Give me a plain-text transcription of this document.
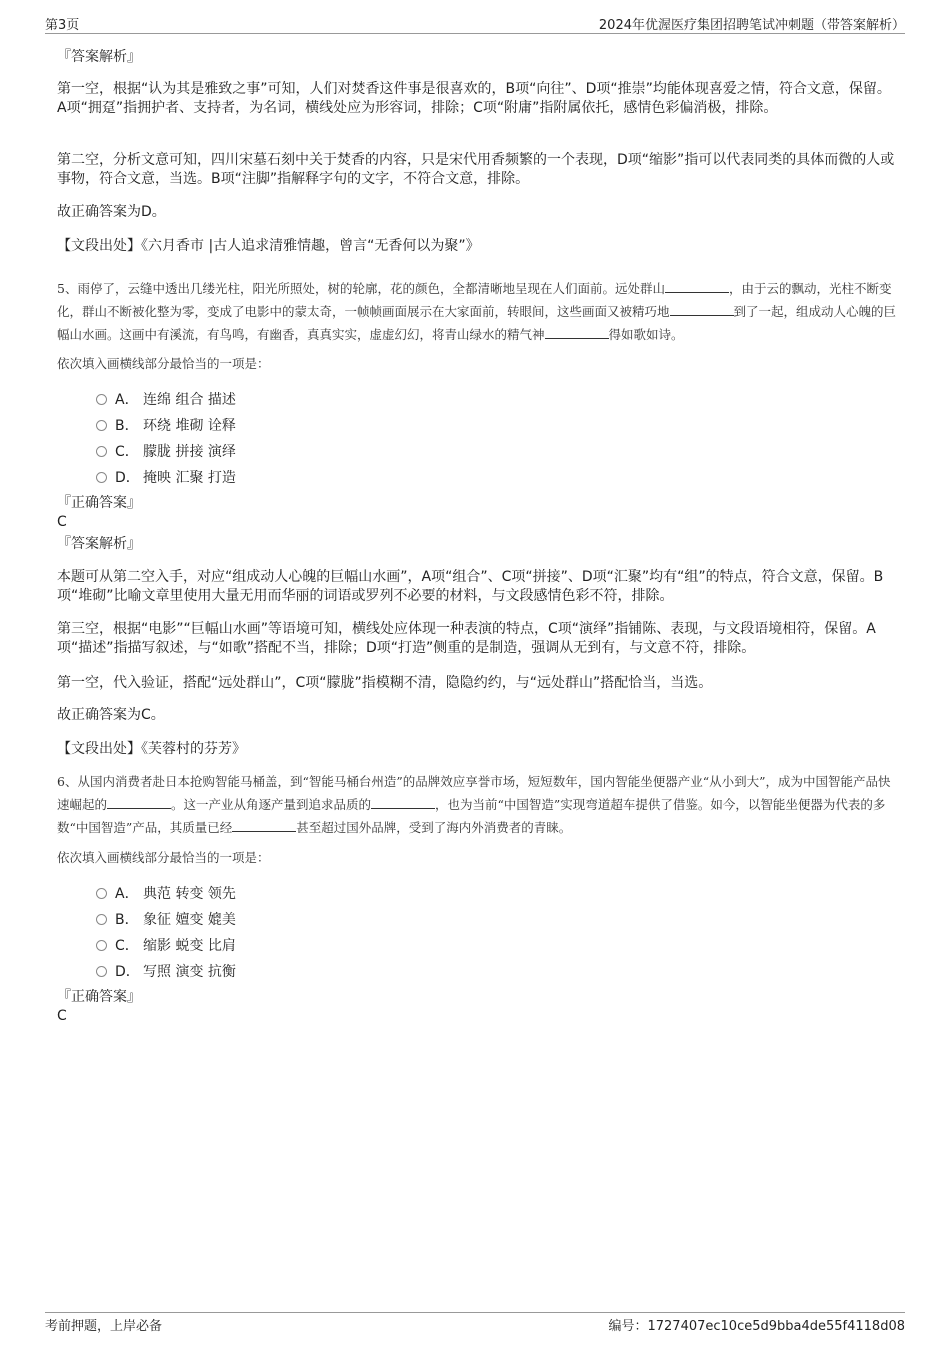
第3页	2024年优渥医疗集团招聘笔试冲刺题（带答案解析）
『答案解析』
第一空，根据“认为其是雅致之事”可知，人们对焚香这件事是很喜欢的，B项“向往”、D项“推崇”均能体现喜爱之情，符合文意，保留。A项“拥趸”指拥护者、支持者，为名词，横线处应为形容词，排除；C项“附庸”指附属依托，感情色彩偏消极，排除。
第二空，分析文意可知，四川宋墓石刻中关于焚香的内容，只是宋代用香频繁的一个表现，D项“缩影”指可以代表同类的具体而微的人或事物，符合文意，当选。B项“注脚”指解释字句的文字，不符合文意，排除。
故正确答案为D。
【文段出处】《六月香市 |古人追求清雅情趣，曾言“无香何以为聚”》
5、雨停了，云缝中透出几缕光柱，阳光所照处，树的轮廓，花的颜色，全都清晰地呈现在人们面前。远处群山	，由于云的飘动，光柱不断变化，群山不断被化整为零，变成了电影中的蒙太奇，一帧帧画面展示在大家面前，转眼间，这些画面又被精巧地	到了一起，组成动人心魄的巨幅山水画。这画中有溪流，有鸟鸣，有幽香，真真实实，虚虚幻幻，将青山绿水的精气神	得如歌如诗。
依次填入画横线部分最恰当的一项是：
A． 连绵 组合 描述
B． 环绕 堆砌 诠释
C． 朦胧 拼接 演绎
D． 掩映 汇聚 打造
『正确答案』
C
『答案解析』
本题可从第二空入手，对应“组成动人心魄的巨幅山水画”，A项“组合”、C项“拼接”、D项“汇聚”均有“组”的特点，符合文意，保留。B项“堆砌”比喻文章里使用大量无用而华丽的词语或罗列不必要的材料，与文段感情色彩不符，排除。
第三空，根据“电影”“巨幅山水画”等语境可知，横线处应体现一种表演的特点，C项“演绎”指铺陈、表现，与文段语境相符，保留。A项“描述”指描写叙述，与“如歌”搭配不当，排除；D项“打造”侧重的是制造，强调从无到有，与文意不符，排除。
第一空，代入验证，搭配“远处群山”，C项“朦胧”指模糊不清，隐隐约约，与“远处群山”搭配恰当，当选。
故正确答案为C。
【文段出处】《芙蓉村的芬芳》
6、从国内消费者赴日本抢购智能马桶盖，到“智能马桶台州造”的品牌效应享誉市场，短短数年，国内智能坐便器产业“从小到大”，成为中国智能产品快速崛起的	。这一产业从角逐产量到追求品质的	，也为当前“中国智造”实现弯道超车提供了借鉴。如今，以智能坐便器为代表的多数“中国智造”产品，其质量已经	甚至超过国外品牌，受到了海内外消费者的青睐。
依次填入画横线部分最恰当的一项是：
A． 典范 转变 领先
B． 象征 嬗变 媲美
C． 缩影 蜕变 比肩
D． 写照 演变 抗衡
『正确答案』
C
考前押题，上岸必备	编号：1727407ec10ce5d9bba4de55f4118d08
